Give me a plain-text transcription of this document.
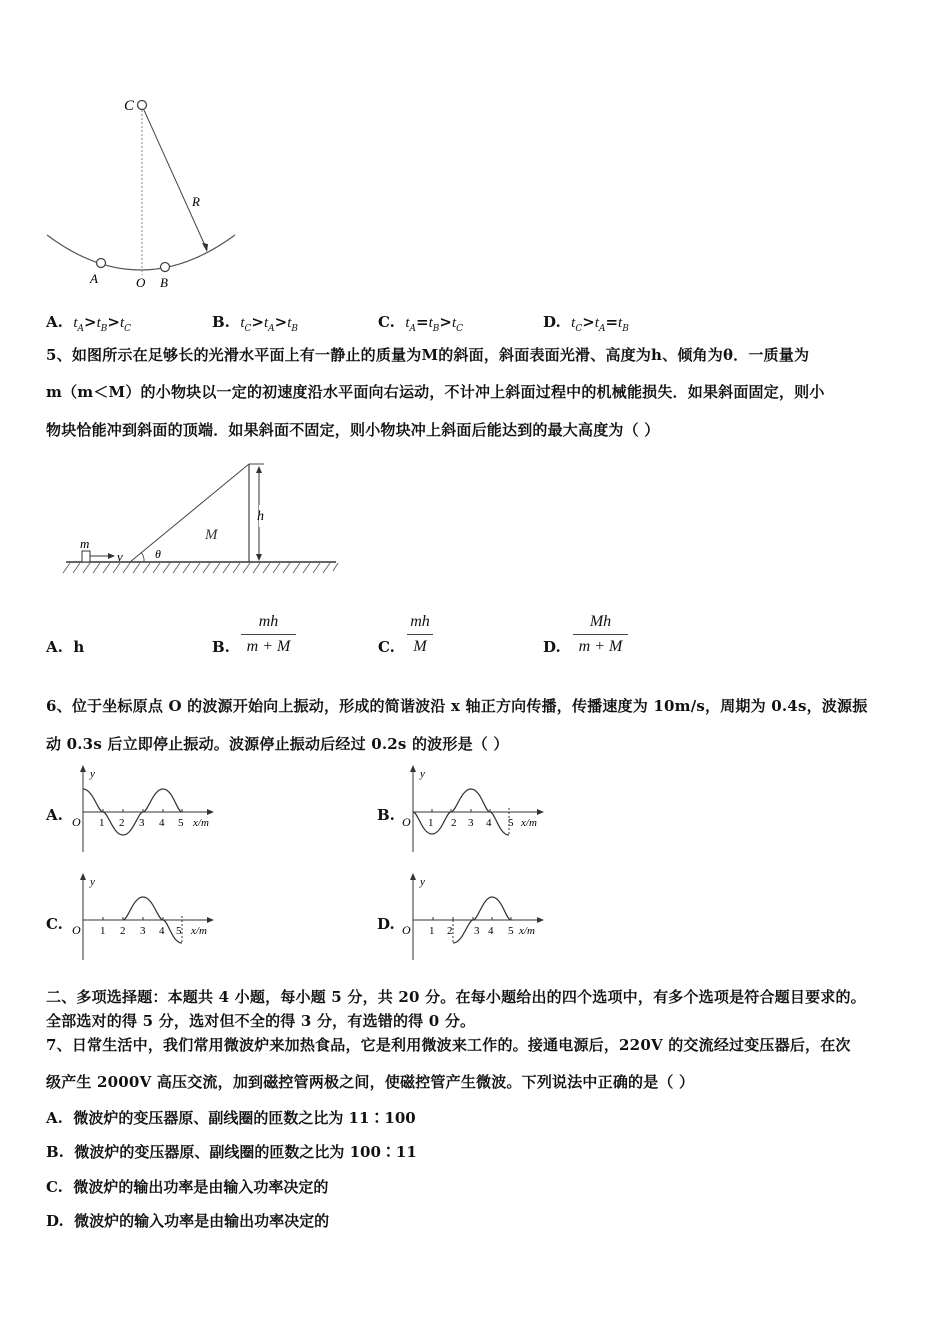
C
R
A	O B
A. $t_A>t_B>t_C$	B. $t_C>t_A>t_B$	C. $t_A=t_B>t_C$	D. $t_C>t_A=t_B$
5、如图所示在足够长的光滑水平面上有一静止的质量为M的斜面，斜面表面光滑、高度为h、倾角为θ．一质量为
m（m＜M）的小物块以一定的初速度沿水平面向右运动，不计冲上斜面过程中的机械能损失．如果斜面固定，则小
物块恰能冲到斜面的顶端．如果斜面不固定，则小物块冲上斜面后能达到的最大高度为（ ）
m
v	θ
M
h
A. h	B.
mh
m + M	C.
mh
M	D.
Mh
m + M
6、位于坐标原点 O 的波源开始向上振动，形成的简谐波沿 x 轴正方向传播，传播速度为 10m/s，周期为 0.4s，波源振
动 0.3s 后立即停止振动。波源停止振动后经过 0.2s 的波形是（ ）
A.
y
O 1 2 3 4 5 x/m	B.
y
O 1 2 3 4 5 x/m
C.
y
O 1 2 3 4 5 x/m	D.
y
O 1 2 3 4 5 x/m
二、多项选择题：本题共 4 小题，每小题 5 分，共 20 分。在每小题给出的四个选项中，有多个选项是符合题目要求的。
全部选对的得 5 分，选对但不全的得 3 分，有选错的得 0 分。
7、日常生活中，我们常用微波炉来加热食品，它是利用微波来工作的。接通电源后，220V 的交流经过变压器后，在次
级产生 2000V 高压交流，加到磁控管两极之间，使磁控管产生微波。下列说法中正确的是（ ）
A. 微波炉的变压器原、副线圈的匝数之比为 11∶100
B. 微波炉的变压器原、副线圈的匝数之比为 100∶11
C. 微波炉的输出功率是由输入功率决定的
D. 微波炉的输入功率是由输出功率决定的
